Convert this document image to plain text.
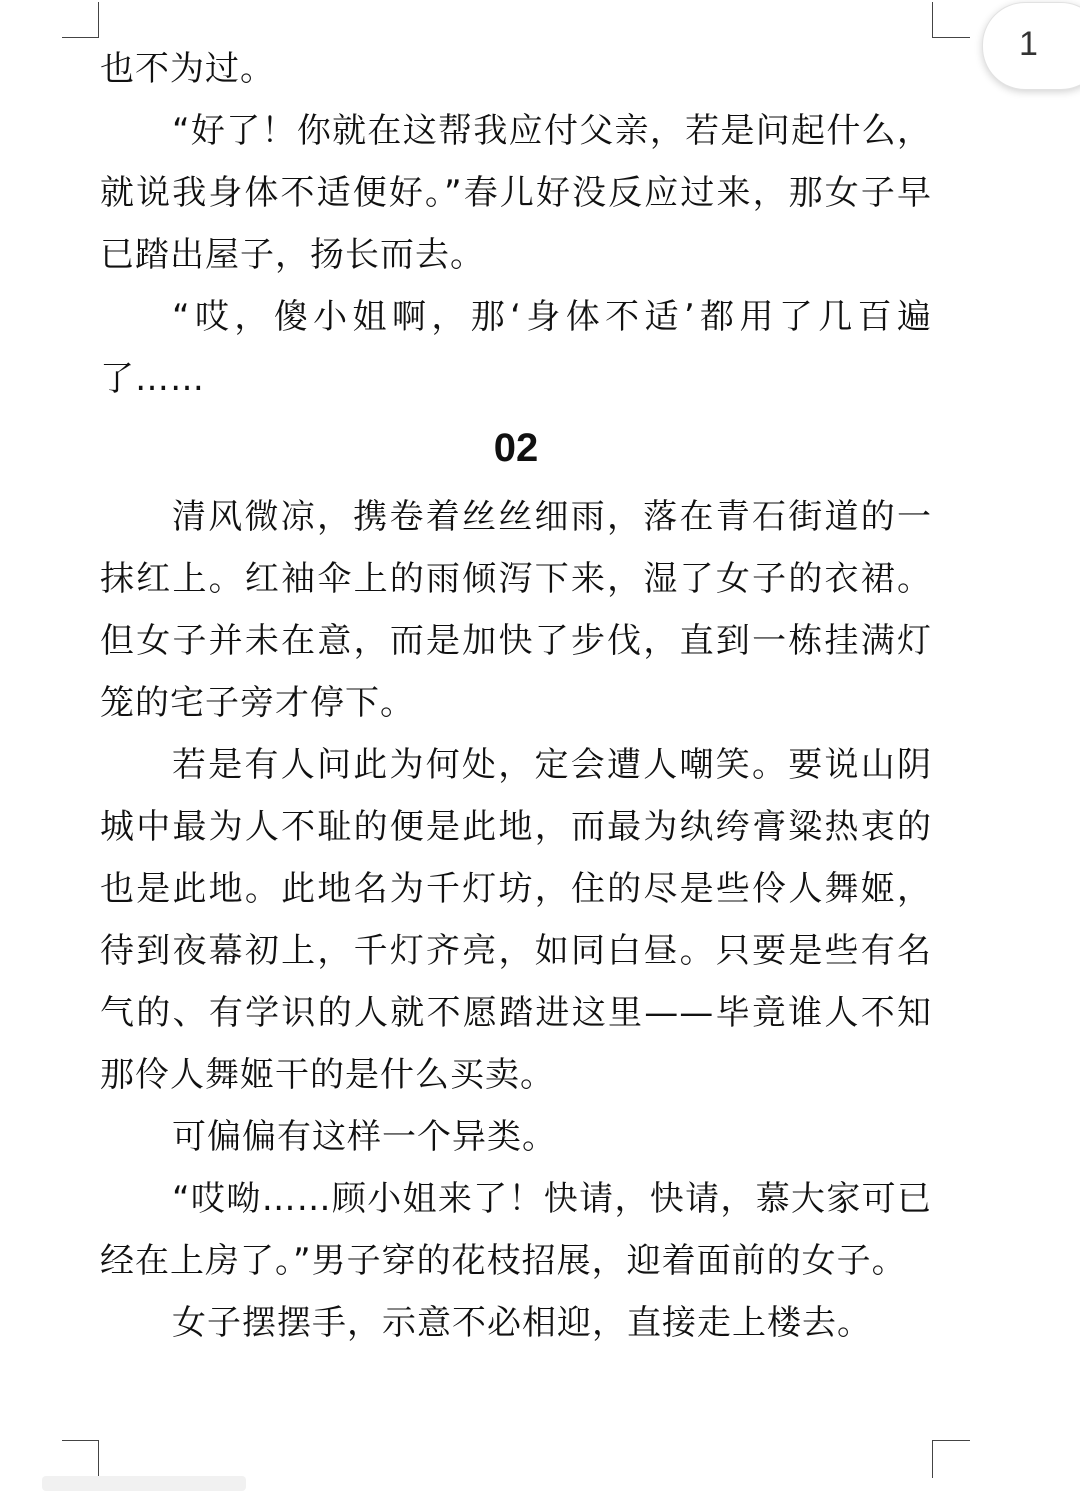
1

也不为过。

“好了！你就在这帮我应付父亲，若是问起什么，就说我身体不适便好。”春儿好没反应过来，那女子早已踏出屋子，扬长而去。

“哎，傻小姐啊，那‘身体不适’都用了几百遍了……

02

清风微凉，携卷着丝丝细雨，落在青石街道的一抹红上。红袖伞上的雨倾泻下来，湿了女子的衣裙。但女子并未在意，而是加快了步伐，直到一栋挂满灯笼的宅子旁才停下。

若是有人问此为何处，定会遭人嘲笑。要说山阴城中最为人不耻的便是此地，而最为纨绔膏粱热衷的也是此地。此地名为千灯坊，住的尽是些伶人舞姬，待到夜幕初上，千灯齐亮，如同白昼。只要是些有名气的、有学识的人就不愿踏进这里——毕竟谁人不知那伶人舞姬干的是什么买卖。

可偏偏有这样一个异类。

“哎呦……顾小姐来了！快请，快请，慕大家可已经在上房了。”男子穿的花枝招展，迎着面前的女子。

女子摆摆手，示意不必相迎，直接走上楼去。
